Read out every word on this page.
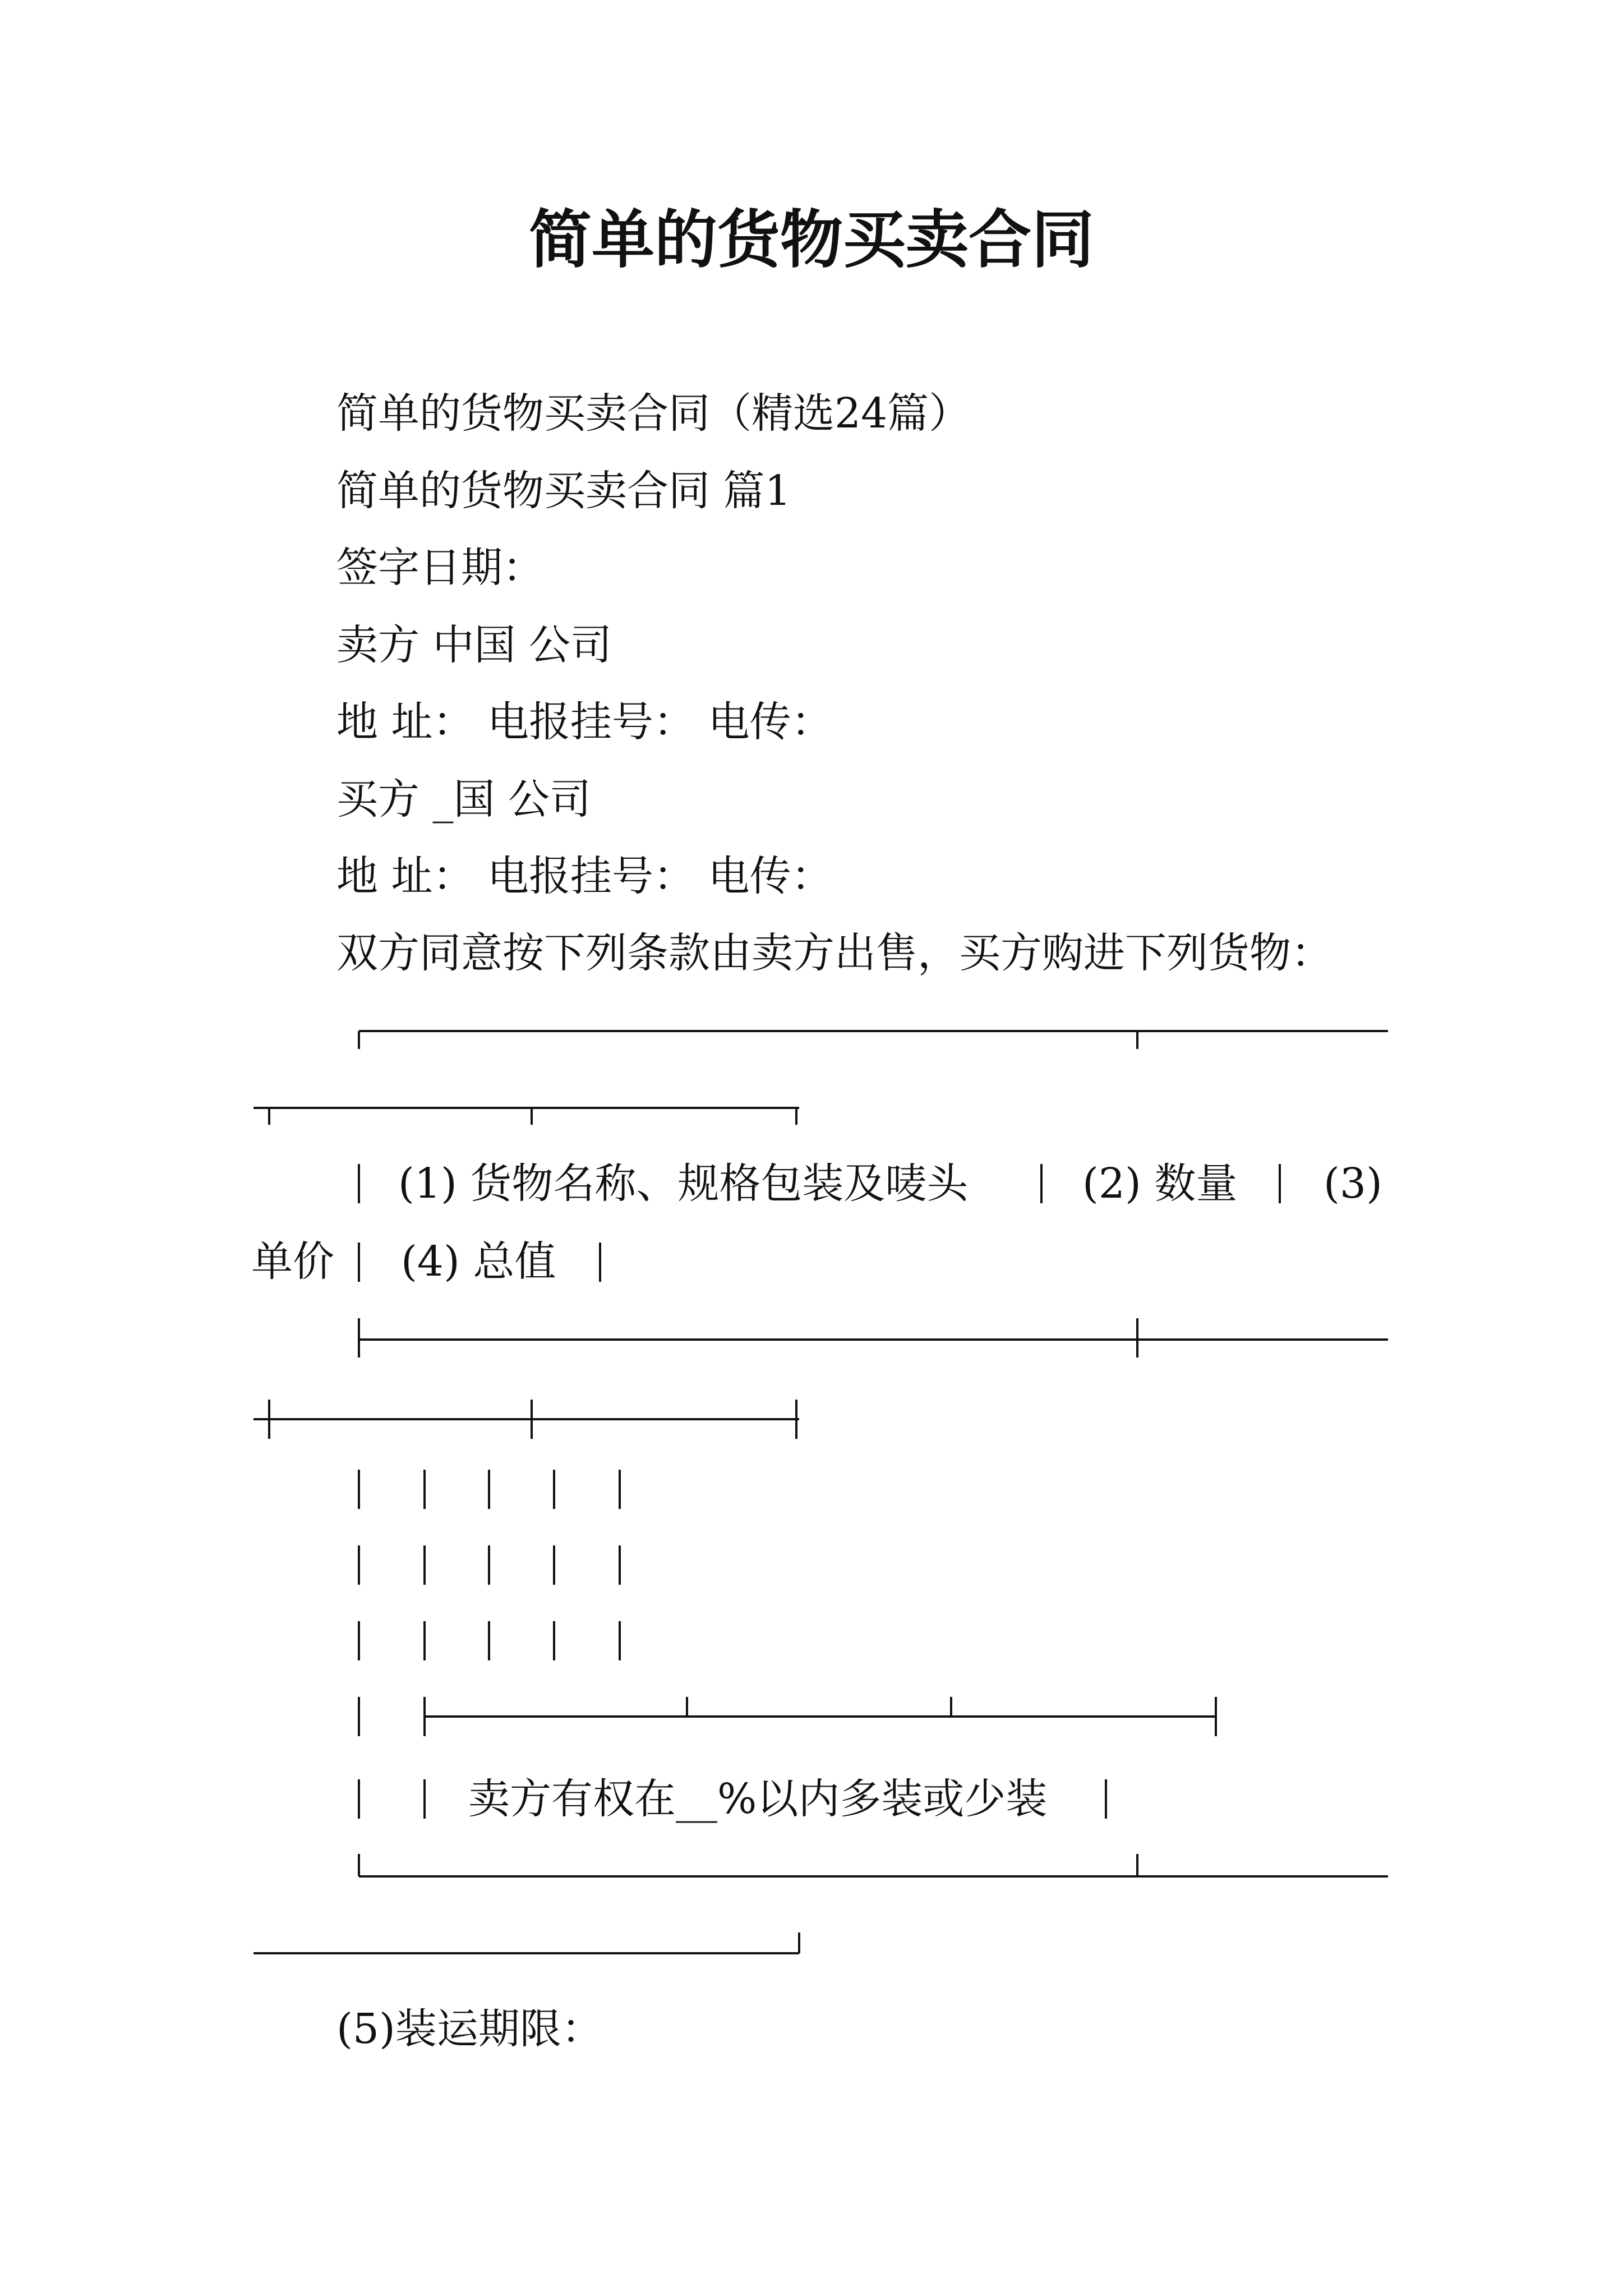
简单的货物买卖合同
简单的货物买卖合同（精选24篇）
简单的货物买卖合同 篇1
签字日期：
卖方 中国 公司
地 址： 电报挂号： 电传：
买方 _国 公司
地 址： 电报挂号： 电传：
双方同意按下列条款由卖方出售，买方购进下列货物：
(1) 货物名称、规格包装及唛头	(2) 数量 (3)
单价 (4) 总值
卖方有权在__%以内多装或少装
(5)装运期限：
